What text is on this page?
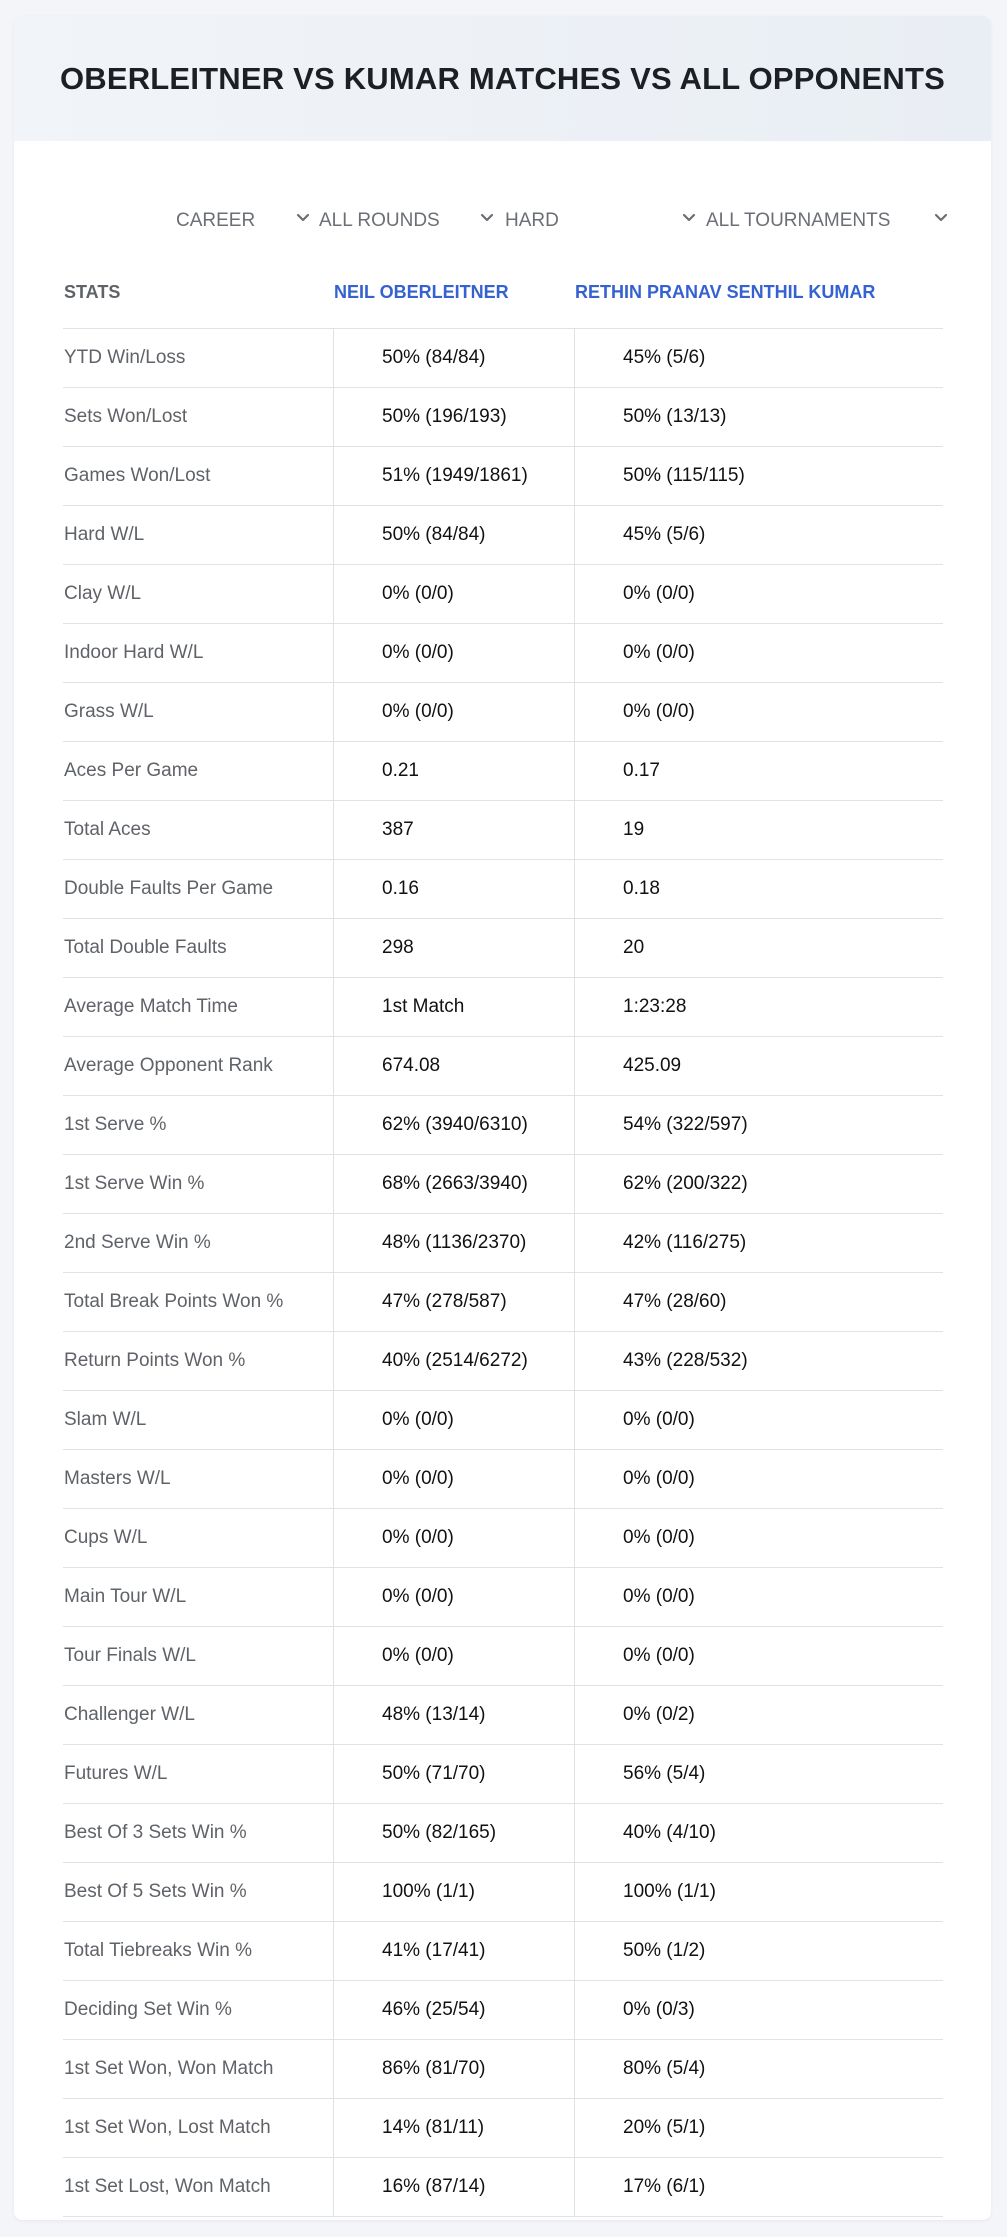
OBERLEITNER VS KUMAR MATCHES VS ALL OPPONENTS
CAREER	ALL ROUNDS	HARD	ALL TOURNAMENTS
STATS	NEIL OBERLEITNER	RETHIN PRANAV SENTHIL KUMAR
YTD Win/Loss	50% (84/84)	45% (5/6)
Sets Won/Lost	50% (196/193)	50% (13/13)
Games Won/Lost	51% (1949/1861)	50% (115/115)
Hard W/L	50% (84/84)	45% (5/6)
Clay W/L	0% (0/0)	0% (0/0)
Indoor Hard W/L	0% (0/0)	0% (0/0)
Grass W/L	0% (0/0)	0% (0/0)
Aces Per Game	0.21	0.17
Total Aces	387	19
Double Faults Per Game	0.16	0.18
Total Double Faults	298	20
Average Match Time	1st Match	1:23:28
Average Opponent Rank	674.08	425.09
1st Serve %	62% (3940/6310)	54% (322/597)
1st Serve Win %	68% (2663/3940)	62% (200/322)
2nd Serve Win %	48% (1136/2370)	42% (116/275)
Total Break Points Won %	47% (278/587)	47% (28/60)
Return Points Won %	40% (2514/6272)	43% (228/532)
Slam W/L	0% (0/0)	0% (0/0)
Masters W/L	0% (0/0)	0% (0/0)
Cups W/L	0% (0/0)	0% (0/0)
Main Tour W/L	0% (0/0)	0% (0/0)
Tour Finals W/L	0% (0/0)	0% (0/0)
Challenger W/L	48% (13/14)	0% (0/2)
Futures W/L	50% (71/70)	56% (5/4)
Best Of 3 Sets Win %	50% (82/165)	40% (4/10)
Best Of 5 Sets Win %	100% (1/1)	100% (1/1)
Total Tiebreaks Win %	41% (17/41)	50% (1/2)
Deciding Set Win %	46% (25/54)	0% (0/3)
1st Set Won, Won Match	86% (81/70)	80% (5/4)
1st Set Won, Lost Match	14% (81/11)	20% (5/1)
1st Set Lost, Won Match	16% (87/14)	17% (6/1)
